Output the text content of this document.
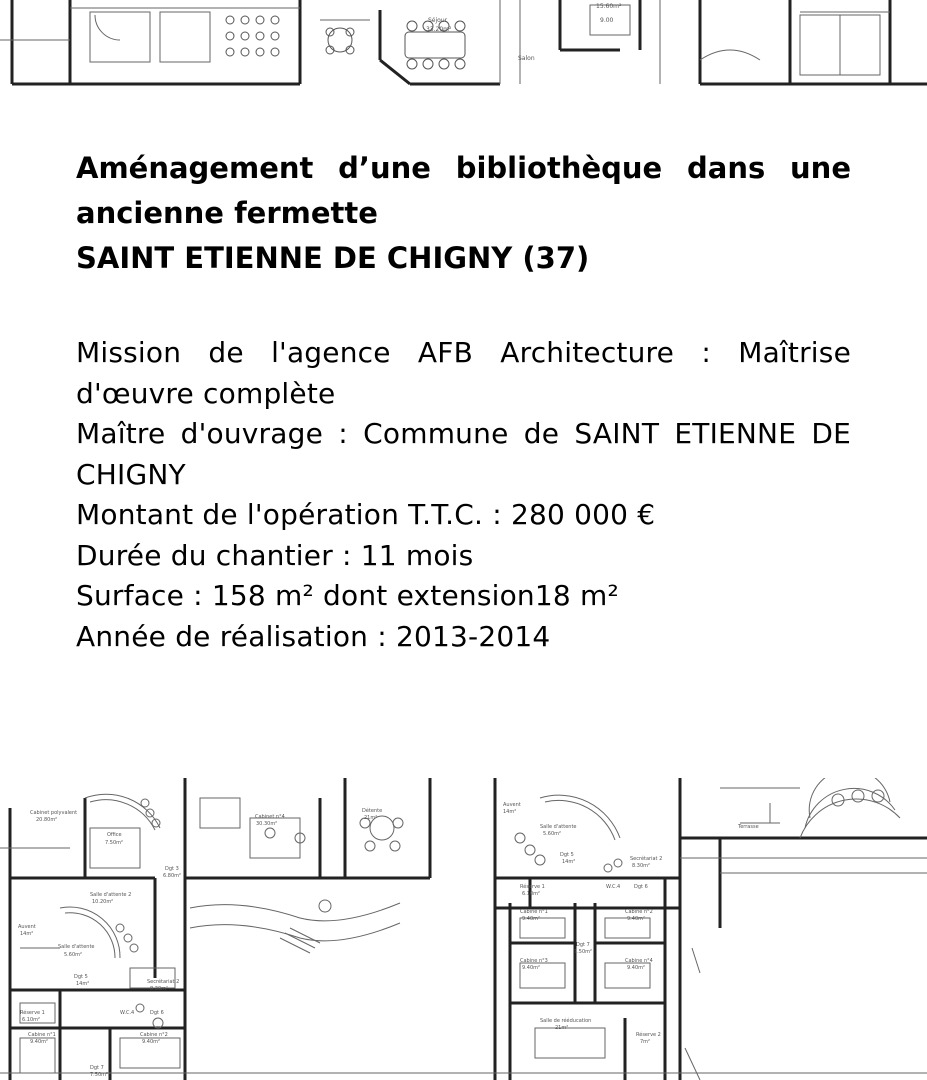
Séjour
33.20m²
Salon
15.60m²
9.00
Aménagement d’une bibliothèque dans une ancienne fermette
SAINT ETIENNE DE CHIGNY (37)

Mission de l'agence AFB Architecture : Maîtrise d'œuvre complète

Maître d'ouvrage : Commune de SAINT ETIENNE DE CHIGNY

Montant de l'opération T.T.C. : 280 000 €

Durée du chantier : 11 mois

Surface : 158 m² dont extension18 m²

Année de réalisation : 2013-2014

Cabinet polyvalent
20.80m²
Office
7.50m²
Cabinet n°4
30.30m²
Détente
21m²
Salle d'attente 2
10.20m²
Dgt 3
6.80m²
Auvent
14m²
Salle d'attente
5.60m²
Secrétariat 2
8.30m²
Dgt 5
14m²
Réserve 1
6.10m²
W.C.4	Dgt 6
Cabine n°1
9.40m²
Cabine n°2
9.40m²
Dgt 7
7.50m²
Auvent
14m²
Salle d'attente
5.60m²
Terrasse
Dgt 5
14m²	Secrétariat 2
8.30m²
Réserve 1
6.10m²
W.C.4	Dgt 6
Cabine n°1
9.40m²
Cabine n°2
9.40m²
Dgt 7
7.50m²
Cabine n°3
9.40m²
Cabine n°4
9.40m²
Salle de rééducation
21m²
Réserve 2
7m²
